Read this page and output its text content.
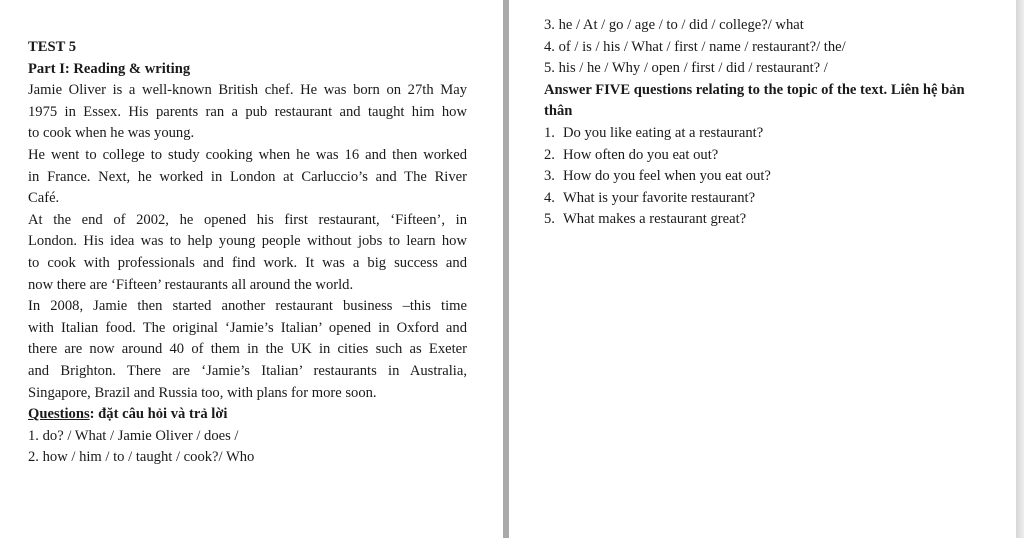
TEST 5
Part I: Reading & writing
Jamie Oliver is a well-known British chef. He was born on 27th May
1975 in Essex. His parents ran a pub restaurant and taught him how
to cook when he was young.
He went to college to study cooking when he was 16 and then worked
in France. Next, he worked in London at Carluccio’s and The River
Café.
At the end of 2002, he opened his first restaurant, ‘Fifteen’, in
London. His idea was to help young people without jobs to learn how
to cook with professionals and find work. It was a big success and
now there are ‘Fifteen’ restaurants all around the world.
In 2008, Jamie then started another restaurant business –this time
with Italian food. The original ‘Jamie’s Italian’ opened in Oxford and
there are now around 40 of them in the UK in cities such as Exeter
and Brighton. There are ‘Jamie’s Italian’ restaurants in Australia,
Singapore, Brazil and Russia too, with plans for more soon.
Questions: đặt câu hỏi và trả lời
1. do? / What / Jamie Oliver / does /
2. how / him / to / taught / cook?/ Who
3. he / At / go / age / to / did / college?/ what
4. of / is / his / What / first / name / restaurant?/ the/
5. his / he / Why / open / first / did / restaurant? /
Answer FIVE questions relating to the topic of the text. Liên hệ bản
thân
1. Do you like eating at a restaurant?
2. How often do you eat out?
3. How do you feel when you eat out?
4. What is your favorite restaurant?
5. What makes a restaurant great?
